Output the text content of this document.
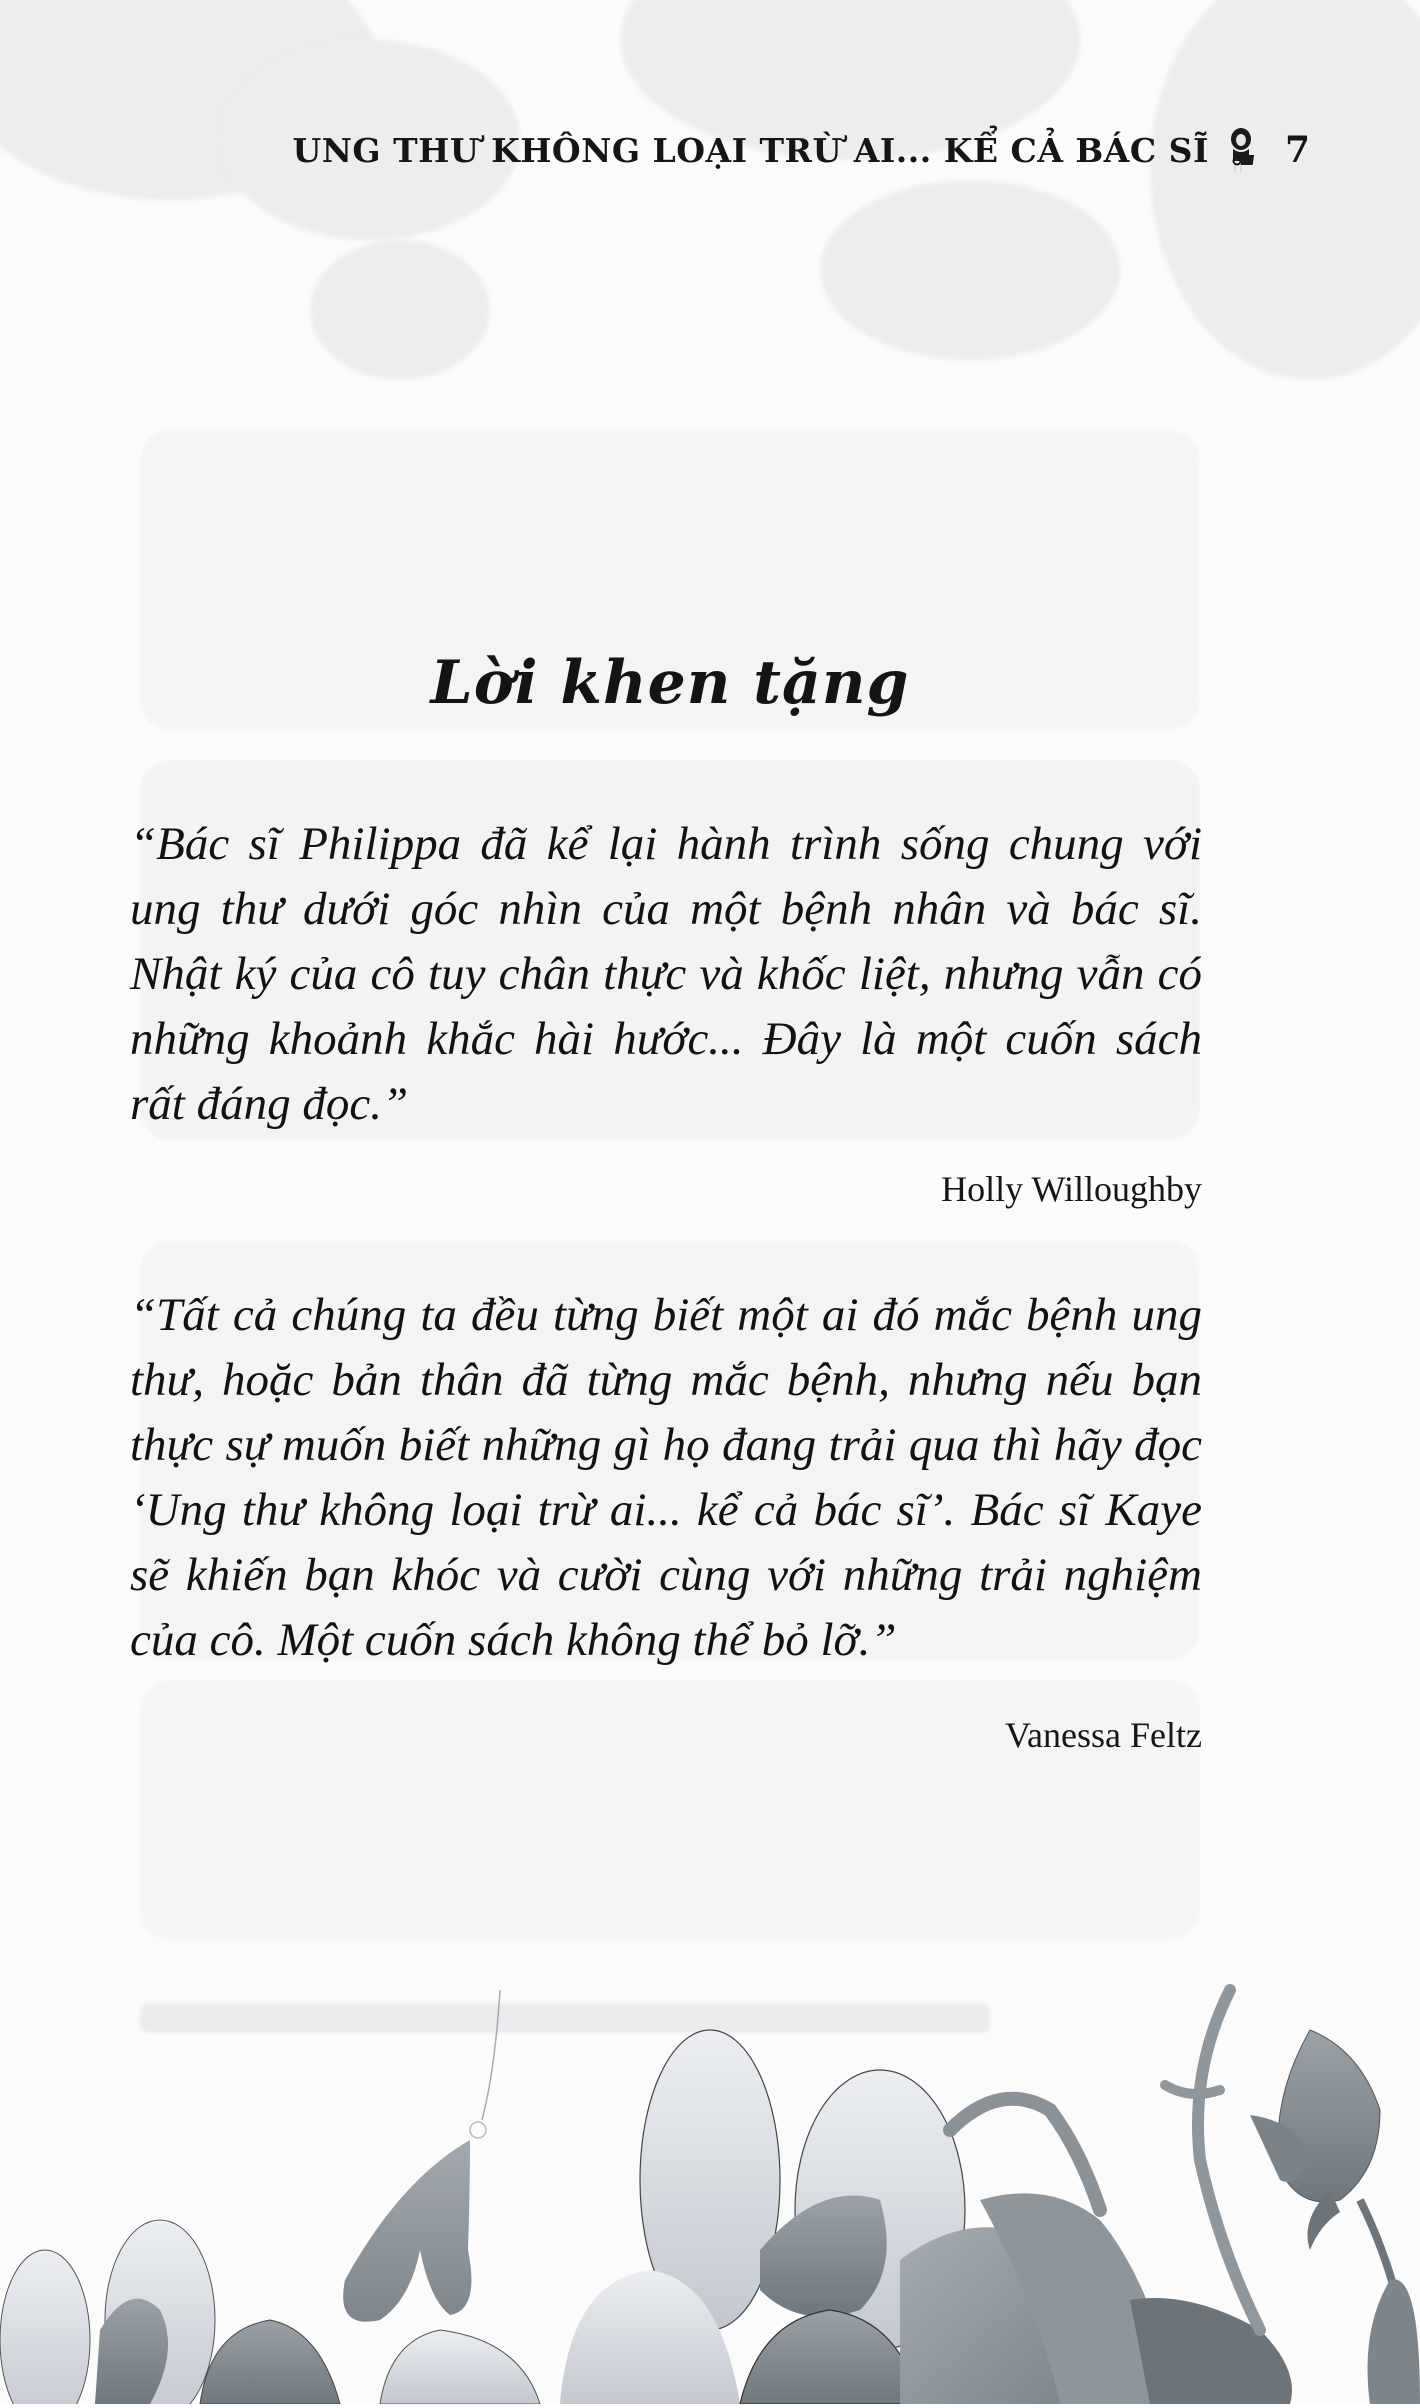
UNG THƯ KHÔNG LOẠI TRỪ AI... KỂ CẢ BÁC SĨ 7
Lời khen tặng
“Bác sĩ Philippa đã kể lại hành trình sống chung với ung thư dưới góc nhìn của một bệnh nhân và bác sĩ. Nhật ký của cô tuy chân thực và khốc liệt, nhưng vẫn có những khoảnh khắc hài hước... Đây là một cuốn sách rất đáng đọc.”
Holly Willoughby
“Tất cả chúng ta đều từng biết một ai đó mắc bệnh ung thư, hoặc bản thân đã từng mắc bệnh, nhưng nếu bạn thực sự muốn biết những gì họ đang trải qua thì hãy đọc ‘Ung thư không loại trừ ai... kể cả bác sĩ’. Bác sĩ Kaye sẽ khiến bạn khóc và cười cùng với những trải nghiệm của cô. Một cuốn sách không thể bỏ lỡ.”
Vanessa Feltz
